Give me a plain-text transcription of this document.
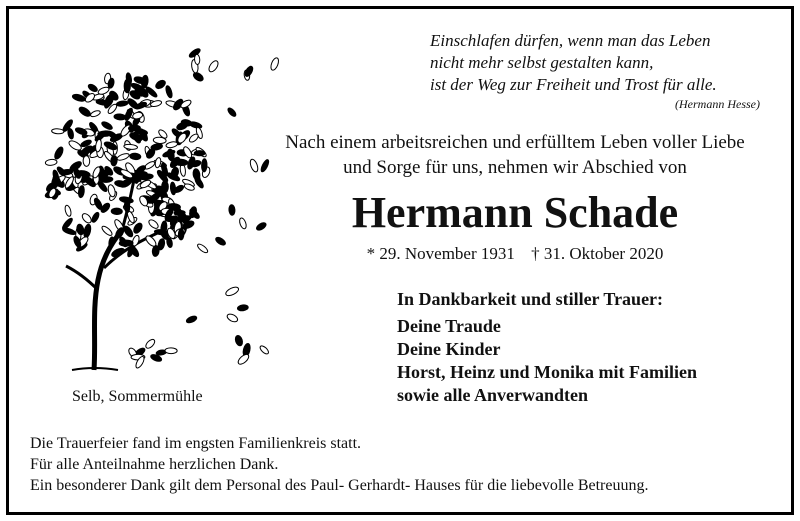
Einschlafen dürfen, wenn man das Leben
nicht mehr selbst gestalten kann,
ist der Weg zur Freiheit und Trost für alle.
(Hermann Hesse)
Nach einem arbeitsreichen und erfülltem Leben voller Liebe
und Sorge für uns, nehmen wir Abschied von
Hermann Schade
* 29. November 1931 † 31. Oktober 2020
In Dankbarkeit und stiller Trauer:
Deine Traude
Deine Kinder
Horst, Heinz und Monika mit Familien
sowie alle Anverwandten
Selb, Sommermühle
Die Trauerfeier fand im engsten Familienkreis statt.
Für alle Anteilnahme herzlichen Dank.
Ein besonderer Dank gilt dem Personal des Paul- Gerhardt- Hauses für die liebevolle Betreuung.
